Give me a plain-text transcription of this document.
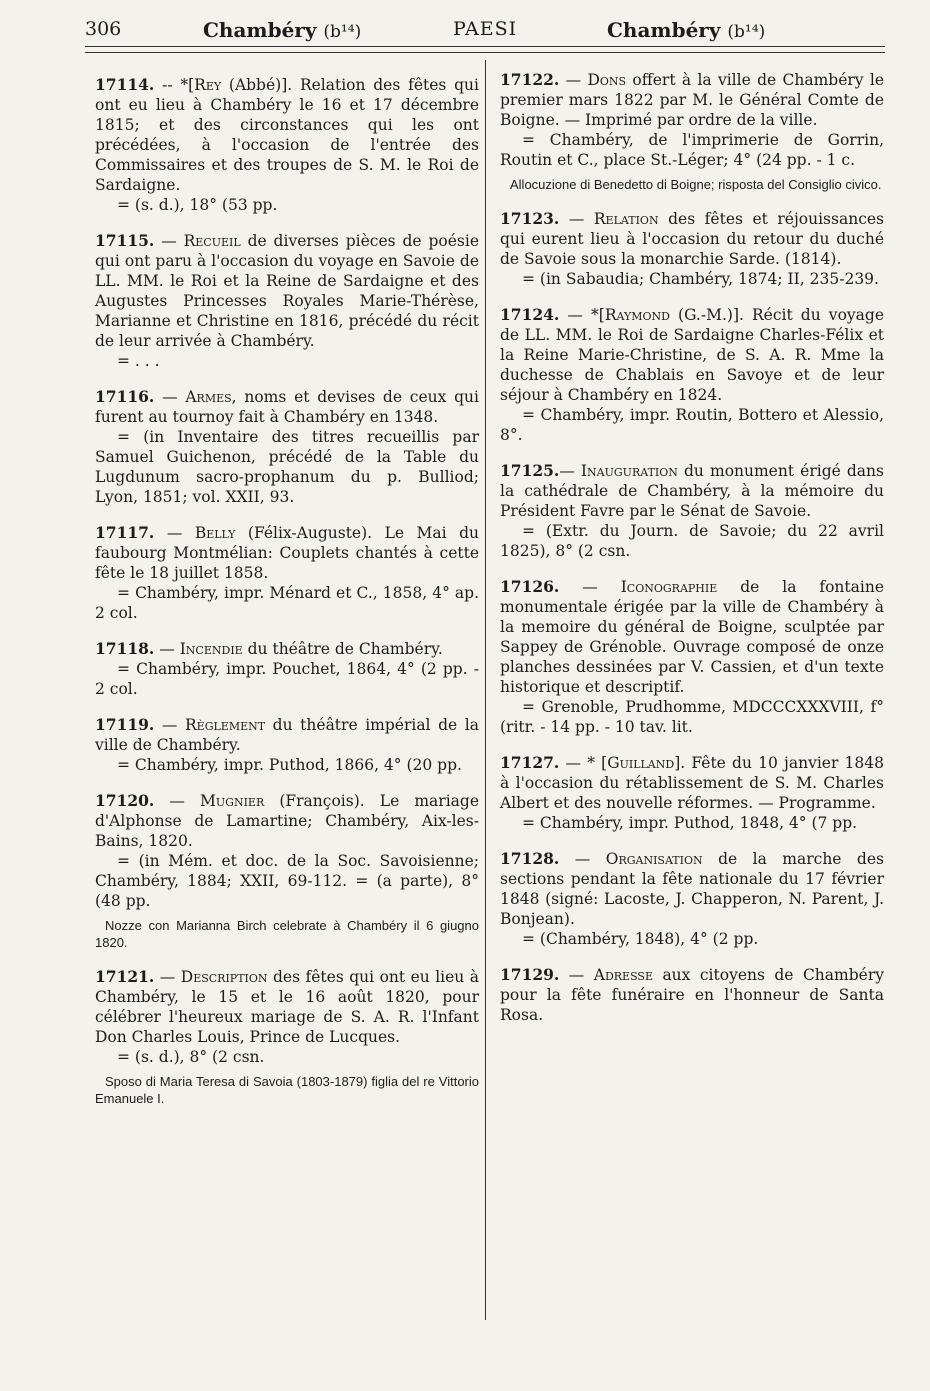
306	Chambéry (b¹⁴)	PAESI	Chambéry (b¹⁴)

17114. -- *[Rey (Abbé)]. Relation des fêtes qui ont eu lieu à Chambéry le 16 et 17 décembre 1815; et des circonstances qui les ont précédées, à l'occasion de l'entrée des Commissaires et des troupes de S. M. le Roi de Sardaigne.

= (s. d.), 18° (53 pp.

17115. — Recueil de diverses pièces de poésie qui ont paru à l'occasion du voyage en Savoie de LL. MM. le Roi et la Reine de Sardaigne et des Augustes Princesses Royales Marie-Thérèse, Marianne et Christine en 1816, précédé du récit de leur arrivée à Chambéry.

= . . .

17116. — Armes, noms et devises de ceux qui furent au tournoy fait à Chambéry en 1348.

= (in Inventaire des titres recueillis par Samuel Guichenon, précédé de la Table du Lugdunum sacro-prophanum du p. Bulliod; Lyon, 1851; vol. XXII, 93.

17117. — Belly (Félix-Auguste). Le Mai du faubourg Montmélian: Couplets chantés à cette fête le 18 juillet 1858.

= Chambéry, impr. Ménard et C., 1858, 4° ap. 2 col.

17118. — Incendie du théâtre de Chambéry.

= Chambéry, impr. Pouchet, 1864, 4° (2 pp. - 2 col.

17119. — Règlement du théâtre impérial de la ville de Chambéry.

= Chambéry, impr. Puthod, 1866, 4° (20 pp.

17120. — Mugnier (François). Le mariage d'Alphonse de Lamartine; Chambéry, Aix-les-Bains, 1820.

= (in Mém. et doc. de la Soc. Savoisienne; Chambéry, 1884; XXII, 69-112. = (a parte), 8° (48 pp.

Nozze con Marianna Birch celebrate à Chambéry il 6 giugno 1820.

17121. — Description des fêtes qui ont eu lieu à Chambéry, le 15 et le 16 août 1820, pour célébrer l'heureux mariage de S. A. R. l'Infant Don Charles Louis, Prince de Lucques.

= (s. d.), 8° (2 csn.

Sposo di Maria Teresa di Savoia (1803-1879) figlia del re Vittorio Emanuele I.

17122. — Dons offert à la ville de Chambéry le premier mars 1822 par M. le Général Comte de Boigne. — Imprimé par ordre de la ville.

= Chambéry, de l'imprimerie de Gorrin, Routin et C., place St.-Léger; 4° (24 pp. - 1 c.

Allocuzione di Benedetto di Boigne; risposta del Consiglio civico.

17123. — Relation des fêtes et réjouissances qui eurent lieu à l'occasion du retour du duché de Savoie sous la monarchie Sarde. (1814).

= (in Sabaudia; Chambéry, 1874; II, 235-239.

17124. — *[Raymond (G.-M.)]. Récit du voyage de LL. MM. le Roi de Sardaigne Charles-Félix et la Reine Marie-Christine, de S. A. R. Mme la duchesse de Chablais en Savoye et de leur séjour à Chambéry en 1824.

= Chambéry, impr. Routin, Bottero et Alessio, 8°.

17125.— Inauguration du monument érigé dans la cathédrale de Chambéry, à la mémoire du Président Favre par le Sénat de Savoie.

= (Extr. du Journ. de Savoie; du 22 avril 1825), 8° (2 csn.

17126. — Iconographie de la fontaine monumentale érigée par la ville de Chambéry à la memoire du général de Boigne, sculptée par Sappey de Grénoble. Ouvrage composé de onze planches dessinées par V. Cassien, et d'un texte historique et descriptif.

= Grenoble, Prudhomme, MDCCCXXXVIII, f° (ritr. - 14 pp. - 10 tav. lit.

17127. — * [Guilland]. Fête du 10 janvier 1848 à l'occasion du rétablissement de S. M. Charles Albert et des nouvelle réformes. — Programme.

= Chambéry, impr. Puthod, 1848, 4° (7 pp.

17128. — Organisation de la marche des sections pendant la fête nationale du 17 février 1848 (signé: Lacoste, J. Chapperon, N. Parent, J. Bonjean).

= (Chambéry, 1848), 4° (2 pp.

17129. — Adresse aux citoyens de Chambéry pour la fête funéraire en l'honneur de Santa Rosa.
